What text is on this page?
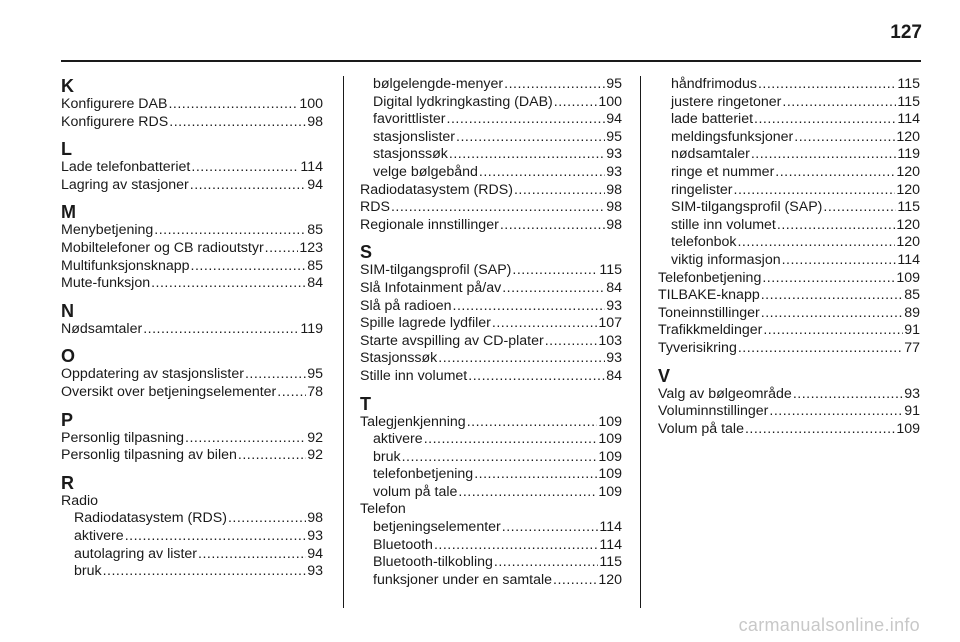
127
K
Konfigurere DAB .....	100
Konfigurere RDS .....	98
L
Lade telefonbatteriet .....	114
Lagring av stasjoner .....	94
M
Menybetjening .....	85
Mobiltelefoner og CB radioutstyr .....	123
Multifunksjonsknapp .....	85
Mute-funksjon .....	84
N
Nødsamtaler .....	119
O
Oppdatering av stasjonslister .....	95
Oversikt over betjeningselementer ..... 78
P
Personlig tilpasning .....	92
Personlig tilpasning av bilen .....	92
R
Radio
Radiodatasystem (RDS) .....	98
aktivere .....	93
autolagring av lister .....	94
bruk .....	93
bølgelengde-menyer .....	95
Digital lydkringkasting (DAB) .....	100
favorittlister .....	94
stasjonslister .....	95
stasjonssøk .....	93
velge bølgebånd .....	93
Radiodatasystem (RDS) .....	98
RDS .....	98
Regionale innstillinger .....	98
S
SIM-tilgangsprofil (SAP) .....	115
Slå Infotainment på/av .....	84
Slå på radioen .....	93
Spille lagrede lydfiler .....	107
Starte avspilling av CD-plater .....	103
Stasjonssøk .....	93
Stille inn volumet .....	84
T
Talegjenkjenning .....	109
aktivere .....	109
bruk .....	109
telefonbetjening .....	109
volum på tale .....	109
Telefon
betjeningselementer .....	114
Bluetooth .....	114
Bluetooth-tilkobling .....	115
funksjoner under en samtale .....	120
håndfrimodus .....	115
justere ringetoner .....	115
lade batteriet .....	114
meldingsfunksjoner .....	120
nødsamtaler .....	119
ringe et nummer .....	120
ringelister .....	120
SIM-tilgangsprofil (SAP) .....	115
stille inn volumet .....	120
telefonbok .....	120
viktig informasjon .....	114
Telefonbetjening .....	109
TILBAKE-knapp .....	85
Toneinnstillinger .....	89
Trafikkmeldinger .....	91
Tyverisikring .....	77
V
Valg av bølgeområde .....	93
Voluminnstillinger .....	91
Volum på tale .....	109
carmanualsonline.info
